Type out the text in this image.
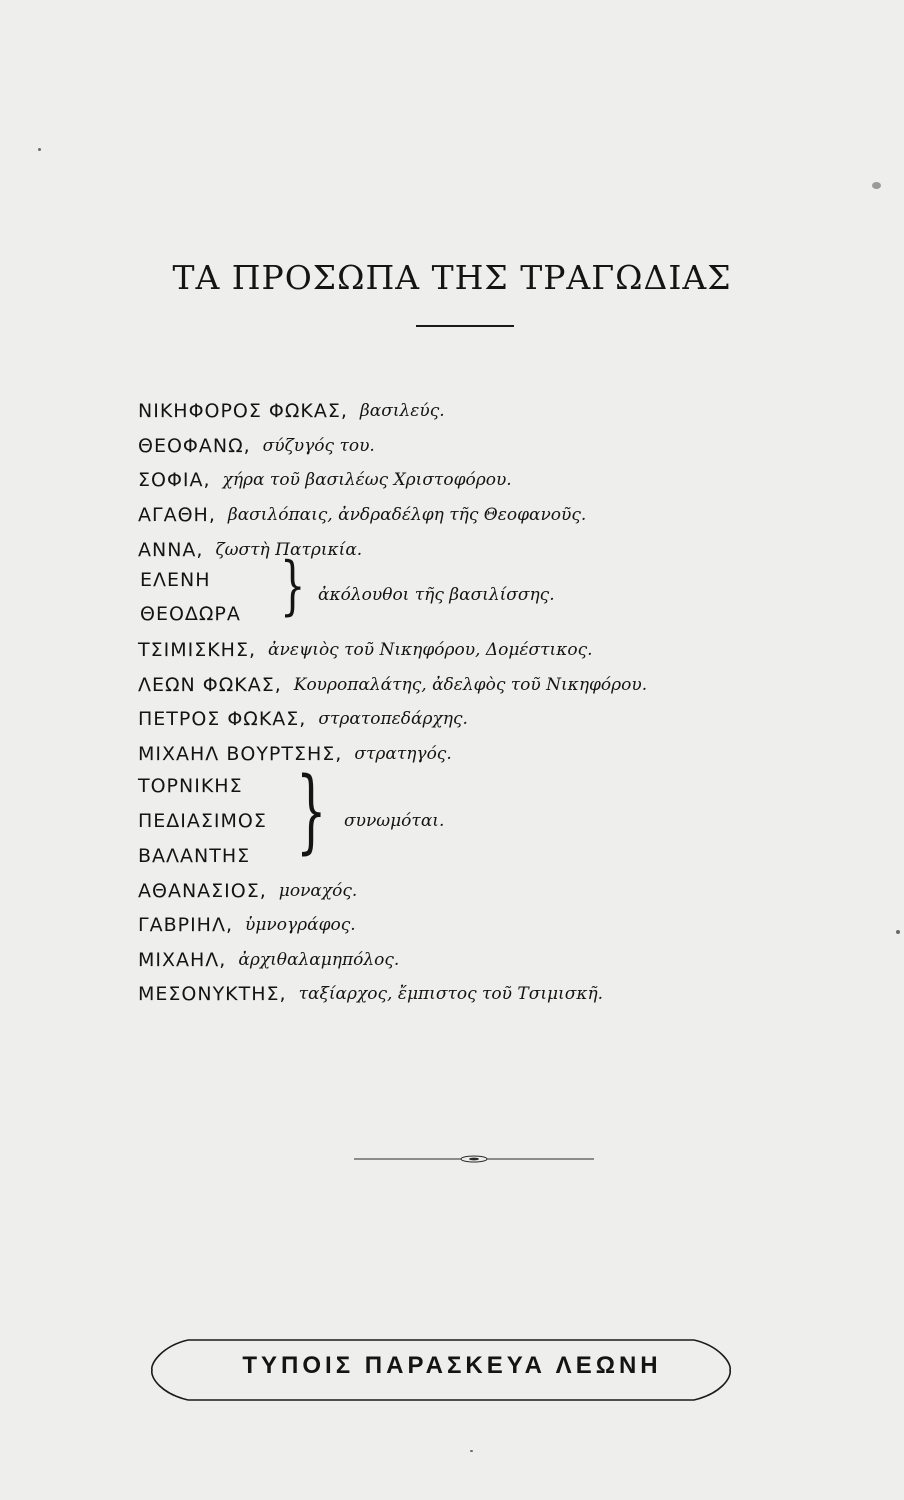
ΤΑ ΠΡΟΣΩΠΑ ΤΗΣ ΤΡΑΓΩΔΙΑΣ
ΝΙΚΗΦΟΡΟΣ ΦΩΚΑΣ, βασιλεύς.
ΘΕΟΦΑΝΩ, σύζυγός του.
ΣΟΦΙΑ, χήρα τοῦ βασιλέως Χριστοφόρου.
ΑΓΑΘΗ, βασιλόπαις, ἀνδραδέλφη τῆς Θεοφανοῦς.
ΑΝΝΑ, ζωστὴ Πατρικία.
ΕΛΕΝΗ
ΘΕΟΔΩΡΑ } ἀκόλουθοι τῆς βασιλίσσης.
ΤΣΙΜΙΣΚΗΣ, ἀνεψιὸς τοῦ Νικηφόρου, Δομέστικος.
ΛΕΩΝ ΦΩΚΑΣ, Κουροπαλάτης, ἀδελφὸς τοῦ Νικηφόρου.
ΠΕΤΡΟΣ ΦΩΚΑΣ, στρατοπεδάρχης.
ΜΙΧΑΗΛ ΒΟΥΡΤΣΗΣ, στρατηγός.
ΤΟΡΝΙΚΗΣ
ΠΕΔΙΑΣΙΜΟΣ
ΒΑΛΑΝΤΗΣ } συνωμόται.
ΑΘΑΝΑΣΙΟΣ, μοναχός.
ΓΑΒΡΙΗΛ, ὑμνογράφος.
ΜΙΧΑΗΛ, ἀρχιθαλαμηπόλος.
ΜΕΣΟΝΥΚΤΗΣ, ταξίαρχος, ἔμπιστος τοῦ Τσιμισκῆ.
ΤΥΠΟΙΣ ΠΑΡΑΣΚΕΥΑ ΛΕΩΝΗ
